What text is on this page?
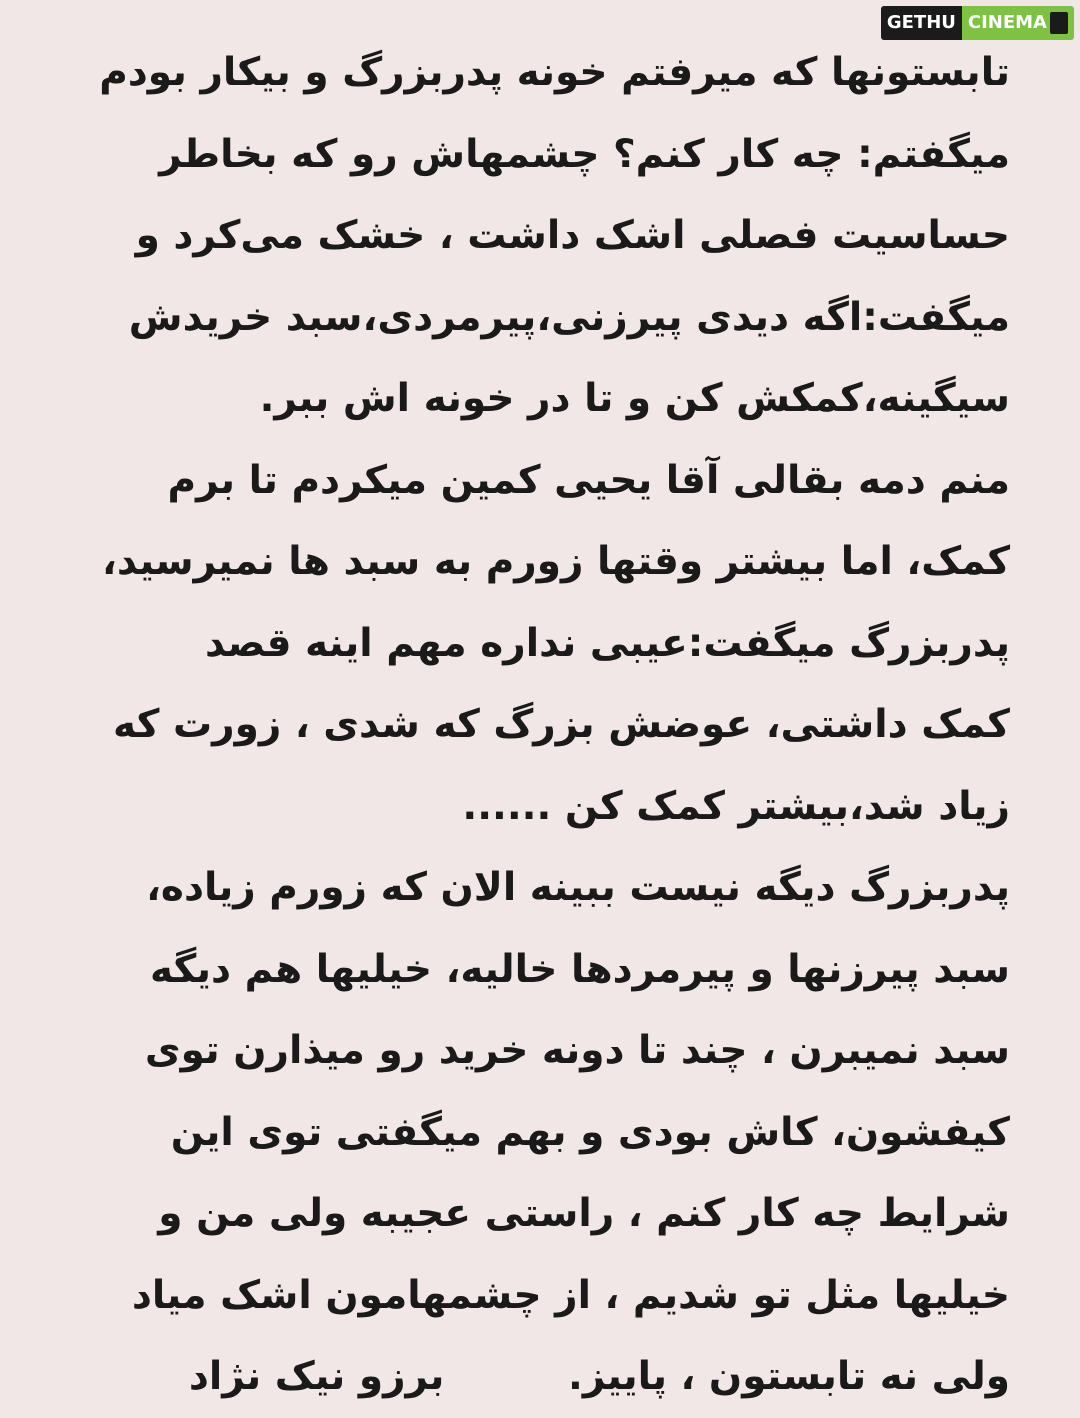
GETHU CINEMA
تابستونها که میرفتم خونه پدربزرگ و بیکار بودم
میگفتم: چه کار کنم؟ چشمهاش رو که بخاطر
حساسیت فصلی اشک داشت ، خشک می‌کرد و
میگفت:اگه دیدی پیرزنی،پیرمردی،سبد خریدش
سیگینه،کمکش کن و تا در خونه اش ببر.
منم دمه بقالی آقا یحیی کمین میکردم تا برم
کمک، اما بیشتر وقتها زورم به سبد ها نمیرسید،
پدربزرگ میگفت:عیبی نداره مهم اینه قصد
کمک داشتی، عوضش بزرگ که شدی ، زورت که
زیاد شد،بیشتر کمک کن ......
پدربزرگ دیگه نیست ببینه الان که زورم زیاده،
سبد پیرزنها و پیرمردها خالیه، خیلیها هم دیگه
سبد نمیبرن ، چند تا دونه خرید رو میذارن توی
کیفشون، کاش بودی و بهم میگفتی توی این
شرایط چه کار کنم ، راستی عجیبه ولی من و
خیلیها مثل تو شدیم ، از چشمهامون اشک میاد
ولی نه تابستون ، پاییز. برزو نیک نژاد
